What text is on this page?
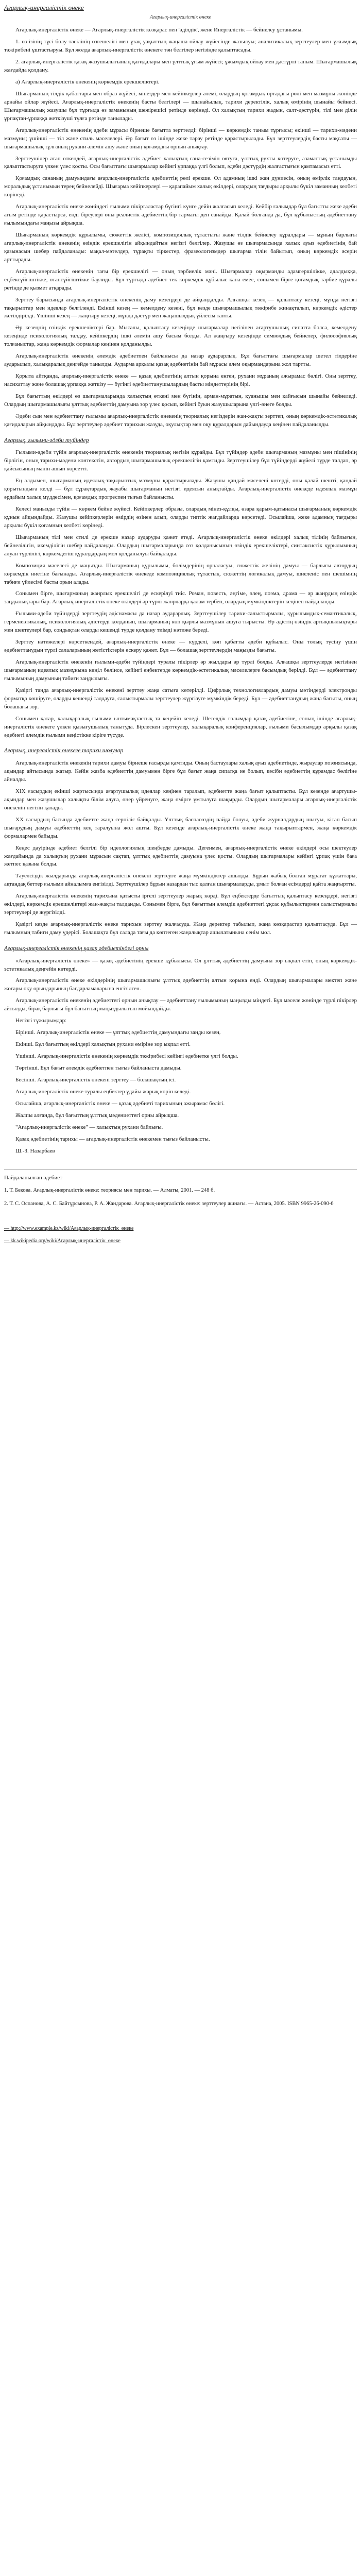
Ағарлық-инергалістік өнеке
Ағарлық-инергалістік өнеке

Ағарлық-инергалістік өнеке — Ағарлық-инергалістік көзқарас пен 'әділдік', жене Инергалістік — бейнелеу ұстанымы.

1. өз-ізінің түсі болу тәсілінің өзгешелігі мен ұзақ уақыттың жаңаша ойлау жүйесінде жазылуы; аналитикалық зерттеулер мен ұжымдық тәжірибені ұштастыруы. Бұл жолда ағарлық-инергалістік өнекеге тән белгілер негізінде қалыптасады.

2. ағарлық-инергалістік қазақ жазушылығының қағидалары мен ұлттық ұғым жүйесі; ұжымдық ойлау мен дәстүрлі таным. Шығармашылық жағдайда қолдану.

а) Ағарлық-инергалістік өнекенің көркемдік ерекшеліктері.

Шығарманың тілдік қабаттары мен образ жүйесі, мінездер мен кейіпкерлер әлемі, олардың қоғамдық ортадағы рөлі мен мазмұны жөнінде арнайы ойлар жүйесі. Ағарлық-инергалістік өнекенің басты белгілері — шынайылық, тарихи деректілік, халық өмірінің шынайы бейнесі. Шығармашылық жазушы бұл тұрғыда өз заманының шежірешісі ретінде көрінеді. Ол халықтың тарихи жадын, салт-дәстүрін, тілі мен ділін ұрпақтан-ұрпаққа жеткізуші тұлға ретінде танылады.

Ағарлық-инергалістік өнекенің әдеби мұрасы бірнеше бағытта зерттелді: бірінші — көркемдік таным тұрғысы; екінші — тарихи-мәдени мазмұны; үшінші — тіл және стиль мәселелері. Әр бағыт өз ішінде жеке тарау ретінде қарастырылады. Бұл зерттеулердің басты мақсаты — шығармашылық тұлғаның рухани әлемін ашу және оның қоғамдағы орнын анықтау.

Зерттеушілер атап өткендей, ағарлық-инергалістік әдебиет халықтың сана-сезімін оятуға, ұлттық рухты көтеруге, азаматтық ұстанымды қалыптастыруға үлкен үлес қосты. Осы бағыттағы шығармалар кейінгі ұрпаққа үлгі болып, әдеби дәстүрдің жалғастығын қамтамасыз етті.

Қоғамдық сананың дамуындағы ағарлық-инергалістік әдебиеттің рөлі ерекше. Ол адамның ішкі жан дүниесін, оның өмірлік таңдауын, моральдық ұстанымын терең бейнелейді. Шығарма кейіпкерлері — қарапайым халық өкілдері, олардың тағдыры арқылы бүкіл заманның келбеті көрінеді.

Ағарлық-инергалістік өнеке жөніндегі ғылыми пікірталастар бүгінгі күнге дейін жалғасып келеді. Кейбір ғалымдар бұл бағытты жеке әдеби ағым ретінде қарастырса, енді біреулері оны реалистік әдебиеттің бір тармағы деп санайды. Қалай болғанда да, бұл құбылыстың әдебиеттану ғылымындағы маңызы айрықша.

Шығарманың көркемдік құрылымы, сюжеттік желісі, композициялық тұтастығы және тілдік бейнелеу құралдары — мұның барлығы ағарлық-инергалістік өнекенің өзіндік ерекшелігін айқындайтын негізгі белгілер. Жазушы өз шығармасында халық ауыз әдебиетінің бай қазынасын шебер пайдаланады: мақал-мәтелдер, тұрақты тіркестер, фразеологизмдер шығарма тілін байытып, оның көркемдік әсерін арттырады.

Ағарлық-инергалістік өнекенің тағы бір ерекшелігі — оның тәрбиелік мәні. Шығармалар оқырманды адамгершілікке, адалдыққа, еңбексүйгіштікке, отансүйгіштікке баулиды. Бұл тұрғыда әдебиет тек көркемдік құбылыс қана емес, сонымен бірге қоғамдық тәрбие құралы ретінде де қызмет атқарады.

Зерттеу барысында ағарлық-инергалістік өнекенің даму кезеңдері де айқындалды. Алғашқы кезең — қалыптасу кезеңі, мұнда негізгі тақырыптар мен идеялар белгіленді. Екінші кезең — кемелдену кезеңі, бұл кезде шығармашылық тәжірибе жинақталып, көркемдік әдістер жетілдірілді. Үшінші кезең — жаңғыру кезеңі, мұнда дәстүр мен жаңашылдық үйлесім тапты.

Әр кезеңнің өзіндік ерекшеліктері бар. Мысалы, қалыптасу кезеңінде шығармалар негізінен ағартушылық сипатта болса, кемелдену кезеңінде психологиялық талдау, кейіпкердің ішкі әлемін ашу басым болды. Ал жаңғыру кезеңінде символдық бейнелер, философиялық толғаныстар, жаңа көркемдік формалар кеңінен қолданылды.

Ағарлық-инергалістік өнекенің әлемдік әдебиетпен байланысы да назар аударарлық. Бұл бағыттағы шығармалар шетел тілдеріне аударылып, халықаралық деңгейде танылды. Аударма арқылы қазақ әдебиетінің бай мұрасы әлем оқырмандарына жол тартты.

Қорыта айтқанда, ағарлық-инергалістік өнеке — қазақ әдебиетінің алтын қорына енген, рухани мұраның ажырамас бөлігі. Оны зерттеу, насихаттау және болашақ ұрпаққа жеткізу — бүгінгі әдебиеттанушылардың басты міндеттерінің бірі.

Бұл бағыттың өкілдері өз шығармаларында халықтың өткені мен бүгінін, арман-мұратын, қуанышы мен қайғысын шынайы бейнеледі. Олардың шығармашылығы ұлттық әдебиеттің дамуына зор үлес қосып, кейінгі буын жазушыларына үлгі-өнеге болды.

Әдеби сын мен әдебиеттану ғылымы ағарлық-инергалістік өнекенің теориялық негіздерін жан-жақты зерттеп, оның көркемдік-эстетикалық қағидаларын айқындады. Бұл зерттеулер әдебиет тарихын жазуда, оқулықтар мен оқу құралдарын дайындауда кеңінен пайдаланылды.

Ағарлық, ғылыми-әдеби түйіндер

Ғылыми-әдеби түйін ағарлық-инергалістік өнекенің теориялық негізін құрайды. Бұл түйіндер әдеби шығарманың мазмұны мен пішінінің бірлігін, оның тарихи-мәдени контекстін, автордың шығармашылық ерекшелігін қамтиды. Зерттеушілер бұл түйіндерді жүйелі түрде талдап, әр қайсысының мәнін ашып көрсетті.

Ең алдымен, шығарманың идеялық-тақырыптық мазмұны қарастырылады. Жазушы қандай мәселені көтерді, оны қалай шешті, қандай қорытындыға келді — бұл сұрақтардың жауабы шығарманың негізгі идеясын анықтайды. Ағарлық-инергалістік өнекеде идеялық мазмұн әрдайым халық мүддесімен, қоғамдық прогреспен тығыз байланысты.

Келесі маңызды түйін — көркем бейне жүйесі. Кейіпкерлер образы, олардың мінез-құлқы, өзара қарым-қатынасы шығарманың көркемдік құнын айқындайды. Жазушы кейіпкерлерін өмірдің өзінен алып, оларды типтік жағдайларда көрсетеді. Осылайша, жеке адамның тағдыры арқылы бүкіл қоғамның келбеті көрінеді.

Шығарманың тілі мен стилі де ерекше назар аударуды қажет етеді. Ағарлық-инергалістік өнеке өкілдері халық тілінің байлығын, бейнелілігін, икемділігін шебер пайдаланды. Олардың шығармаларында сөз қолданысының өзіндік ерекшеліктері, синтаксистік құрылымның алуан түрлілігі, көркемдегіш құралдардың мол қолданылуы байқалады.

Композиция мәселесі де маңызды. Шығарманың құрылымы, бөлімдерінің орналасуы, сюжеттік желінің дамуы — барлығы автордың көркемдік ниетіне бағынады. Ағарлық-инергалістік өнекеде композициялық тұтастық, сюжеттің логикалық дамуы, шиеленіс пен шешімнің табиғи үйлесімі басты орын алады.

Сонымен бірге, шығарманың жанрлық ерекшелігі де ескерілуі тиіс. Роман, повесть, әңгіме, өлең, поэма, драма — әр жанрдың өзіндік заңдылықтары бар. Ағарлық-инергалістік өнеке өкілдері әр түрлі жанрларда қалам тербеп, олардың мүмкіндіктерін кеңінен пайдаланды.

Ғылыми-әдеби түйіндерді зерттеудің әдіснамасы да назар аударарлық. Зерттеушілер тарихи-салыстырмалы, құрылымдық-семантикалық, герменевтикалық, психологиялық әдістерді қолданып, шығарманың көп қырлы мазмұнын ашуға тырысты. Әр әдістің өзіндік артықшылықтары мен шектеулері бар, сондықтан оларды кешенді түрде қолдану тиімді нәтиже береді.

Зерттеу нәтижелері көрсеткендей, ағарлық-инергалістік өнеке — күрделі, көп қабатты әдеби құбылыс. Оны толық түсіну үшін әдебиеттанудың түрлі салаларының жетістіктерін ескеру қажет. Бұл — болашақ зерттеулердің маңызды бағыты.

Ағарлық-инергалістік өнекенің ғылыми-әдеби түйіндері туралы пікірлер әр жылдары әр түрлі болды. Алғашқы зерттеулерде негізінен шығарманың идеялық мазмұнына көңіл бөлінсе, кейінгі еңбектерде көркемдік-эстетикалық мәселелерге басымдық берілді. Бұл — әдебиеттану ғылымының дамуының табиғи заңдылығы.

Қазіргі таңда ағарлық-инергалістік өнекені зерттеу жаңа сатыға көтерілді. Цифрлық технологиялардың дамуы мәтіндерді электронды форматқа көшіруге, оларды кешенді талдауға, салыстырмалы зерттеулер жүргізуге мүмкіндік береді. Бұл — әдебиеттанудың жаңа бағыты, оның болашағы зор.

Сонымен қатар, халықаралық ғылыми ынтымақтастық та кеңейіп келеді. Шетелдік ғалымдар қазақ әдебиетіне, соның ішінде ағарлық-инергалістік өнекеге үлкен қызығушылық танытуда. Бірлескен зерттеулер, халықаралық конференциялар, ғылыми басылымдар арқылы қазақ әдебиеті әлемдік ғылыми кеңістікке кіріге түсуде.

Ағарлық, инергалістік өнекеге тарихи шолулар

Ағарлық-инергалістік өнекенің тарихи дамуы бірнеше ғасырды қамтиды. Оның бастаулары халық ауыз әдебиетінде, жыраулар поэзиясында, ақындар айтысында жатыр. Кейін жазба әдебиеттің дамуымен бірге бұл бағыт жаңа сипатқа ие болып, кәсіби әдебиеттің құрамдас бөлігіне айналды.

ХІХ ғасырдың екінші жартысында ағартушылық идеялар кеңінен таралып, әдебиетте жаңа бағыт қалыптасты. Бұл кезеңде ағартушы-ақындар мен жазушылар халықты білім алуға, өнер үйренуге, жаңа өмірге ұмтылуға шақырды. Олардың шығармалары ағарлық-инергалістік өнекенің негізін қалады.

ХХ ғасырдың басында әдебиетте жаңа серпіліс байқалды. Ұлттық баспасөздің пайда болуы, әдеби журналдардың шығуы, кітап басып шығарудың дамуы әдебиеттің кең таралуына жол ашты. Бұл кезеңде ағарлық-инергалістік өнеке жаңа тақырыптармен, жаңа көркемдік формалармен байыды.

Кеңес дәуірінде әдебиет белгілі бір идеологиялық шеңберде дамыды. Дегенмен, ағарлық-инергалістік өнеке өкілдері осы шектеулер жағдайында да халықтың рухани мұрасын сақтап, ұлттық әдебиеттің дамуына үлес қосты. Олардың шығармалары кейінгі ұрпақ үшін баға жетпес қазына болды.

Тәуелсіздік жылдарында ағарлық-инергалістік өнекені зерттеуге жаңа мүмкіндіктер ашылды. Бұрын жабық болған мұрағат құжаттары, ақтаңдақ беттер ғылыми айналымға енгізілді. Зерттеушілер бұрын назардан тыс қалған шығармаларды, ұмыт болған есімдерді қайта жаңғыртты.

Ағарлық-инергалістік өнекенің тарихына қатысты іргелі зерттеулер жарық көрді. Бұл еңбектерде бағыттың қалыптасу кезеңдері, негізгі өкілдері, көркемдік ерекшеліктері жан-жақты талданды. Сонымен бірге, бұл бағыттың әлемдік әдебиеттегі ұқсас құбылыстармен салыстырмалы зерттеулері де жүргізілді.

Қазіргі кезде ағарлық-инергалістік өнеке тарихын зерттеу жалғасуда. Жаңа деректер табылып, жаңа көзқарастар қалыптасуда. Бұл — ғылымның табиғи даму үдерісі. Болашақта бұл салада тағы да көптеген жаңалықтар ашылатынына сенім мол.

Ағарлық-инергалістік өнекенің қазақ әдебиетіндегі орны

«Ағарлық-инергалістік өнеке» — қазақ әдебиетінің ерекше құбылысы. Ол ұлттық әдебиеттің дамуына зор ықпал етіп, оның көркемдік-эстетикалық деңгейін көтерді.

Ағарлық-инергалістік өнеке өкілдерінің шығармашылығы ұлттық әдебиеттің алтын қорына енді. Олардың шығармалары мектеп және жоғары оқу орындарының бағдарламаларына енгізілген.

Ағарлық-инергалістік өнекенің әдебиеттегі орнын анықтау — әдебиеттану ғылымының маңызды міндеті. Бұл мәселе жөнінде түрлі пікірлер айтылды, бірақ барлығы бұл бағыттың маңыздылығын мойындайды.

Негізгі тұжырымдар:

Бірінші. Ағарлық-инергалістік өнеке — ұлттық әдебиеттің дамуындағы заңды кезең.

Екінші. Бұл бағыттың өкілдері халықтың рухани өміріне зор ықпал етті.

Үшінші. Ағарлық-инергалістік өнекенің көркемдік тәжірибесі кейінгі әдебиетке үлгі болды.

Төртінші. Бұл бағыт әлемдік әдебиетпен тығыз байланыста дамыды.

Бесінші. Ағарлық-инергалістік өнекені зерттеу — болашақтың ісі.

Ағарлық-инергалістік өнеке туралы еңбектер ұдайы жарық көріп келеді.

Осылайша, ағарлық-инергалістік өнеке — қазақ әдебиеті тарихының ажырамас бөлігі.

Жалпы алғанда, бұл бағыттың ұлттық мәдениеттегі орны айрықша.

"Ағарлық-инергалістік өнеке" — халықтың рухани байлығы.

Қазақ әдебиетінің тарихы — ағарлық-инергалістік өнекемен тығыз байланысты.

Ш.-З. Назарбаев

Пайдаланылған әдебиет
1. Т. Бекова. Ағарлық-инергалістік өнеке: теориясы мен тарихы. — Алматы, 2001. — 248 б.
2. Т. С. Оспанова, А. С. Байтұрсынова, Р. А. Жандарова. Ағарлық-инергалістік өнеке: зерттеулер жинағы. — Астана, 2005. ISBN 9965-26-090-6
— http://www.example.kz/wiki/Ағарлық-инергалістік_өнеке
— kk.wikipedia.org/wiki/Ағарлық-инергалістік_өнеке
